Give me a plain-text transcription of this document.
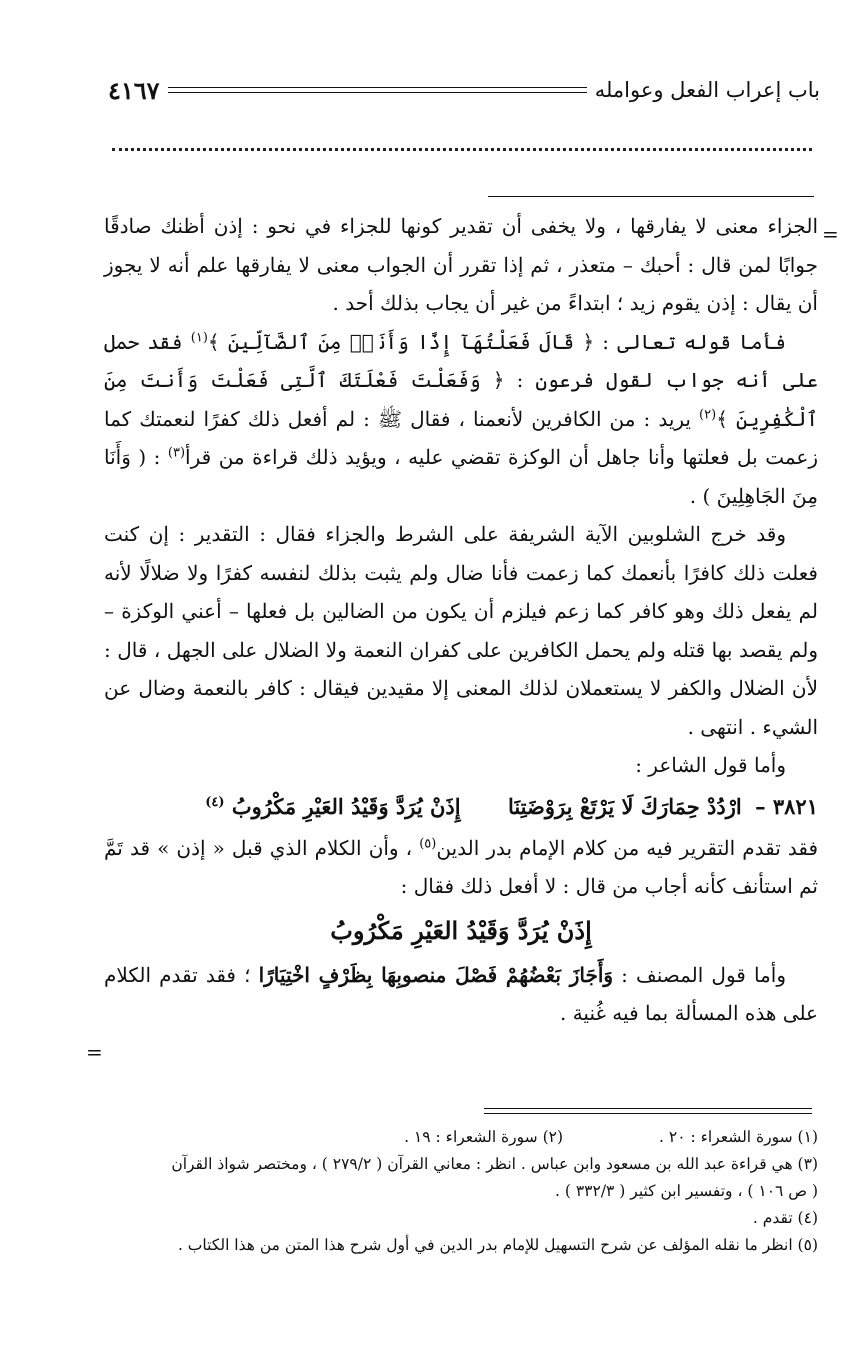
باب إعراب الفعل وعوامله
٤١٦٧
=
=

الجزاء معنى لا يفارقها ، ولا يخفى أن تقدير كونها للجزاء في نحو : إذن أظنك صادقًا جوابًا لمن قال : أحبك – متعذر ، ثم إذا تقرر أن الجواب معنى لا يفارقها علم أنه لا يجوز أن يقال : إذن يقوم زيد ؛ ابتداءً من غير أن يجاب بذلك أحد .

فأما قوله تعالى : ﴿ قَالَ فَعَلْتُهَآ إِذًا وَأَنَا۠ مِنَ ٱلضَّآلِّينَ ﴾$^{(١)}$ فقد حمل على أنه جواب لقول فرعون : ﴿ وَفَعَلْتَ فَعْلَتَكَ ٱلَّتِى فَعَلْتَ وَأَنتَ مِنَ ٱلْكَٰفِرِينَ ﴾$^{(٢)}$ يريد : من الكافرين لأنعمنا ، فقال ﷺ : لم أفعل ذلك كفرًا لنعمتك كما زعمت بل فعلتها وأنا جاهل أن الوكزة تقضي عليه ، ويؤيد ذلك قراءة من قرأ$^{(٣)}$ : ( وَأَنَا مِنَ الجَاهِلِينَ ) .

وقد خرج الشلوبين الآية الشريفة على الشرط والجزاء فقال : التقدير : إن كنت فعلت ذلك كافرًا بأنعمك كما زعمت فأنا ضال ولم يثبت بذلك لنفسه كفرًا ولا ضلالًا لأنه لم يفعل ذلك وهو كافر كما زعم فيلزم أن يكون من الضالين بل فعلها – أعني الوكزة – ولم يقصد بها قتله ولم يحمل الكافرين على كفران النعمة ولا الضلال على الجهل ، قال : لأن الضلال والكفر لا يستعملان لذلك المعنى إلا مقيدين فيقال : كافر بالنعمة وضال عن الشيء . انتهى .

وأما قول الشاعر :

٣٨٢١ – ارْدُدْ حِمَارَكَ لَا يَرْتَعْ بِرَوْضَتِنَا إِذَنْ يُرَدَّ وَقَيْدُ العَيْرِ مَكْرُوبُ $^{(٤)}$

فقد تقدم التقرير فيه من كلام الإمام بدر الدين$^{(٥)}$ ، وأن الكلام الذي قبل « إذن » قد تَمَّ ثم استأنف كأنه أجاب من قال : لا أفعل ذلك فقال :

إِذَنْ يُرَدَّ وَقَيْدُ العَيْرِ مَكْرُوبُ

وأما قول المصنف : وَأَجَازَ بَعْضُهُمْ فَصْلَ منصوبِهَا بِظَرْفٍ اخْتِيَارًا ؛ فقد تقدم الكلام على هذه المسألة بما فيه غُنية .

(١) سورة الشعراء : ٢٠ .
(٢) سورة الشعراء : ١٩ .
(٣) هي قراءة عبد الله بن مسعود وابن عباس . انظر : معاني القرآن ( ٢٧٩/٢ ) ، ومختصر شواذ القرآن
( ص ١٠٦ ) ، وتفسير ابن كثير ( ٣٣٢/٣ ) .
(٤) تقدم .
(٥) انظر ما نقله المؤلف عن شرح التسهيل للإمام بدر الدين في أول شرح هذا المتن من هذا الكتاب .
